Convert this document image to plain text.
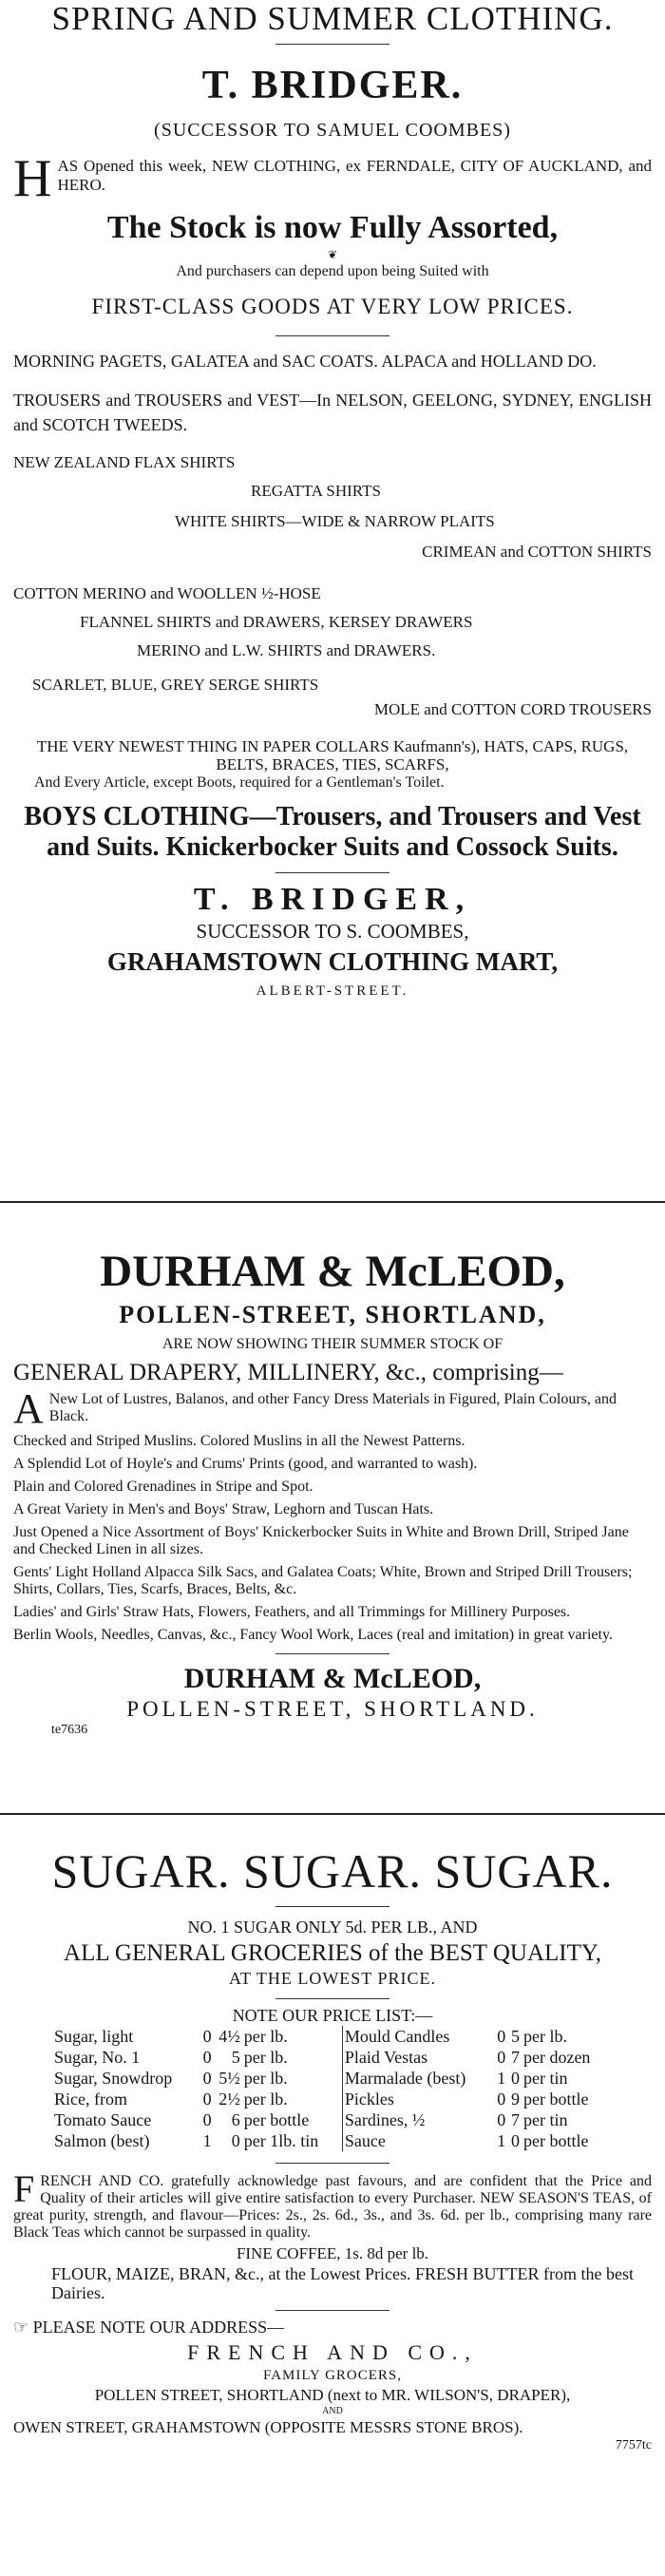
SPRING AND SUMMER CLOTHING.
T. BRIDGER.
(SUCCESSOR TO SAMUEL COOMBES)
H AS Opened this week, NEW CLOTHING, ex FERNDALE, CITY OF AUCKLAND, and HERO.
The Stock is now Fully Assorted,
❦
And purchasers can depend upon being Suited with
FIRST-CLASS GOODS AT VERY LOW PRICES.
MORNING PAGETS, GALATEA and SAC COATS. ALPACA and HOLLAND DO.
TROUSERS and TROUSERS and VEST—In NELSON, GEELONG, SYDNEY, ENGLISH and SCOTCH TWEEDS.
NEW ZEALAND FLAX SHIRTS
REGATTA SHIRTS
WHITE SHIRTS—WIDE & NARROW PLAITS
CRIMEAN and COTTON SHIRTS
COTTON MERINO and WOOLLEN ½-HOSE
FLANNEL SHIRTS and DRAWERS, KERSEY DRAWERS
MERINO and L.W. SHIRTS and DRAWERS.
SCARLET, BLUE, GREY SERGE SHIRTS
MOLE and COTTON CORD TROUSERS
THE VERY NEWEST THING IN PAPER COLLARS Kaufmann's), HATS, CAPS, RUGS, BELTS, BRACES, TIES, SCARFS,
And Every Article, except Boots, required for a Gentleman's Toilet.
BOYS CLOTHING—Trousers, and Trousers and Vest and Suits. Knickerbocker Suits and Cossock Suits.
T. BRIDGER,
SUCCESSOR TO S. COOMBES,
GRAHAMSTOWN CLOTHING MART,
ALBERT-STREET.
DURHAM & McLEOD,
POLLEN-STREET, SHORTLAND,
ARE NOW SHOWING THEIR SUMMER STOCK OF
GENERAL DRAPERY, MILLINERY, &c., comprising—
A New Lot of Lustres, Balanos, and other Fancy Dress Materials in Figured, Plain Colours, and Black.
Checked and Striped Muslins. Colored Muslins in all the Newest Patterns.
A Splendid Lot of Hoyle's and Crums' Prints (good, and warranted to wash).
Plain and Colored Grenadines in Stripe and Spot.
A Great Variety in Men's and Boys' Straw, Leghorn and Tuscan Hats.
Just Opened a Nice Assortment of Boys' Knickerbocker Suits in White and Brown Drill, Striped Jane and Checked Linen in all sizes.
Gents' Light Holland Alpacca Silk Sacs, and Galatea Coats; White, Brown and Striped Drill Trousers; Shirts, Collars, Ties, Scarfs, Braces, Belts, &c.
Ladies' and Girls' Straw Hats, Flowers, Feathers, and all Trimmings for Millinery Purposes.
Berlin Wools, Needles, Canvas, &c., Fancy Wool Work, Laces (real and imitation) in great variety.
DURHAM & McLEOD,
POLLEN-STREET, SHORTLAND.
te7636
SUGAR. SUGAR. SUGAR.
NO. 1 SUGAR ONLY 5d. PER LB., AND
ALL GENERAL GROCERIES of the BEST QUALITY,
AT THE LOWEST PRICE.
NOTE OUR PRICE LIST:—
Sugar, light	0	4½	per lb.	Mould Candles	0	5	per lb.
Sugar, No. 1	0	5	per lb.	Plaid Vestas	0	7	per dozen
Sugar, Snowdrop	0	5½	per lb.	Marmalade (best)	1	0	per tin
Rice, from	0	2½	per lb.	Pickles	0	9	per bottle
Tomato Sauce	0	6	per bottle	Sardines, ½	0	7	per tin
Salmon (best)	1	0	per 1lb. tin	Sauce	1	0	per bottle
F RENCH AND CO. gratefully acknowledge past favours, and are confident that the Price and Quality of their articles will give entire satisfaction to every Purchaser. NEW SEASON'S TEAS, of great purity, strength, and flavour—Prices: 2s., 2s. 6d., 3s., and 3s. 6d. per lb., comprising many rare Black Teas which cannot be surpassed in quality.
FINE COFFEE, 1s. 8d per lb.
FLOUR, MAIZE, BRAN, &c., at the Lowest Prices. FRESH BUTTER from the best Dairies.
☞ PLEASE NOTE OUR ADDRESS—
FRENCH AND CO.,
FAMILY GROCERS,
POLLEN STREET, SHORTLAND (next to MR. WILSON'S, DRAPER),
AND
OWEN STREET, GRAHAMSTOWN (OPPOSITE MESSRS STONE BROS).
7757tc
